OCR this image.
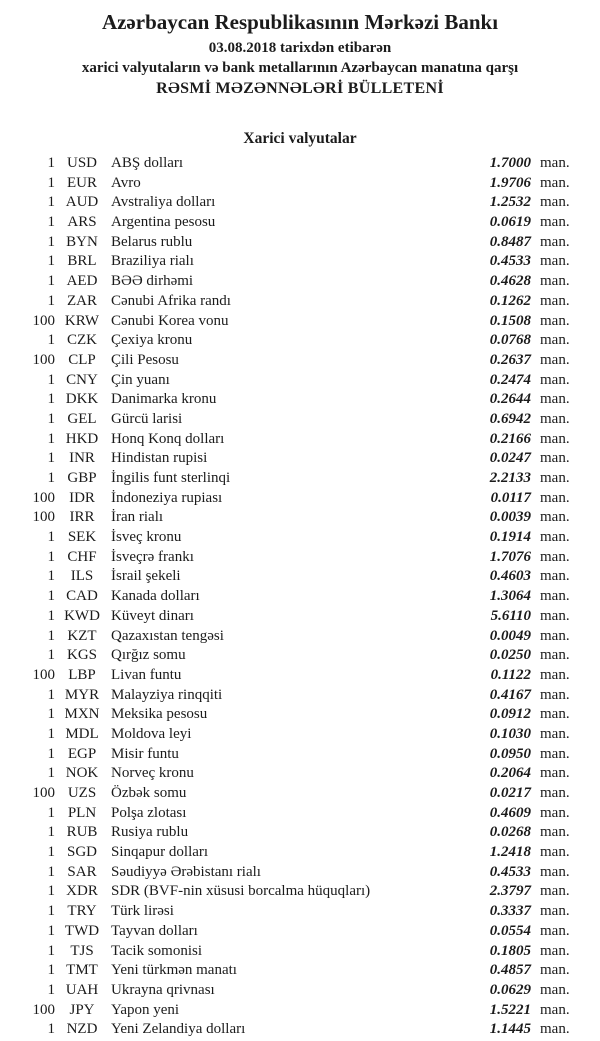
Azərbaycan Respublikasının Mərkəzi Bankı
03.08.2018 tarixdən etibarən
xarici valyutaların və bank metallarının Azərbaycan manatına qarşı
RƏSMİ MƏZƏNNƏLƏRİ BÜLLETENİ
Xarici valyutalar
1 USD ABŞ dolları	1.7000 man.
1 EUR Avro	1.9706 man.
1 AUD Avstraliya dolları	1.2532 man.
1 ARS Argentina pesosu	0.0619 man.
1 BYN Belarus rublu	0.8487 man.
1 BRL Braziliya rialı	0.4533 man.
1 AED BƏƏ dirhəmi	0.4628 man.
1 ZAR Cənubi Afrika randı	0.1262 man.
100 KRW Cənubi Korea vonu	0.1508 man.
1 CZK Çexiya kronu	0.0768 man.
100 CLP	Çili Pesosu	0.2637 man.
1 CNY Çin yuanı	0.2474 man.
1 DKK Danimarka kronu	0.2644 man.
1 GEL Gürcü larisi	0.6942 man.
1 HKD Honq Konq dolları	0.2166 man.
1 INR	Hindistan rupisi	0.0247 man.
1 GBP İngilis funt sterlinqi	2.2133 man.
100 IDR	İndoneziya rupiası	0.0117 man.
100 IRR	İran rialı	0.0039 man.
1 SEK İsveç kronu	0.1914 man.
1 CHF İsveçrə frankı	1.7076 man.
1	ILS	İsrail şekeli	0.4603 man.
1 CAD Kanada dolları	1.3064 man.
1 KWD Küveyt dinarı	5.6110 man.
1 KZT Qazaxıstan tengəsi	0.0049 man.
1 KGS Qırğız somu	0.0250 man.
100 LBP	Livan funtu	0.1122 man.
1 MYR Malayziya rinqqiti	0.4167 man.
1 MXN Meksika pesosu	0.0912 man.
1 MDL Moldova leyi	0.1030 man.
1 EGP Misir funtu	0.0950 man.
1 NOK Norveç kronu	0.2064 man.
100 UZS Özbək somu	0.0217 man.
1 PLN Polşa zlotası	0.4609 man.
1 RUB Rusiya rublu	0.0268 man.
1 SGD Sinqapur dolları	1.2418 man.
1 SAR Səudiyyə Ərəbistanı rialı	0.4533 man.
1 XDR SDR (BVF-nin xüsusi borcalma hüquqları)	2.3797 man.
1 TRY Türk lirəsi	0.3337 man.
1 TWD Tayvan dolları	0.0554 man.
1	TJS	Tacik somonisi	0.1805 man.
1 TMT Yeni türkmən manatı	0.4857 man.
1 UAH Ukrayna qrivnası	0.0629 man.
100 JPY	Yapon yeni	1.5221 man.
1 NZD Yeni Zelandiya dolları	1.1445 man.
